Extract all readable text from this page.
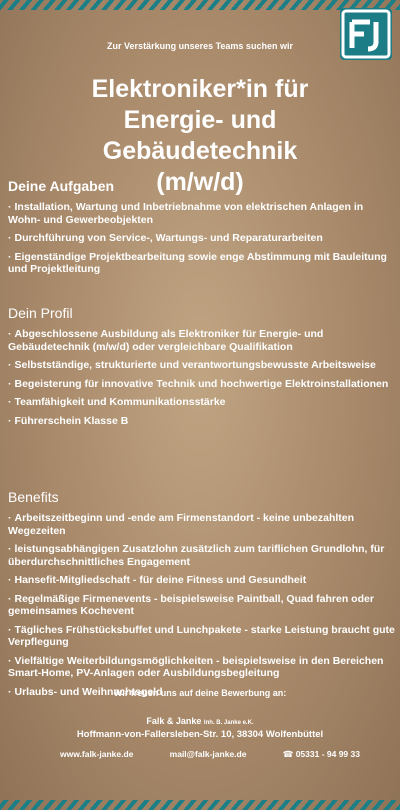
Zur Verstärkung unseres Teams suchen wir
Elektroniker*in für
Energie- und
Gebäudetechnik
(m/w/d)
Deine Aufgaben
· Installation, Wartung und Inbetriebnahme von elektrischen Anlagen in Wohn- und Gewerbeobjekten
· Durchführung von Service-, Wartungs- und Reparaturarbeiten
· Eigenständige Projektbearbeitung sowie enge Abstimmung mit Bauleitung und Projektleitung
Dein Profil
· Abgeschlossene Ausbildung als Elektroniker für Energie- und Gebäudetechnik (m/w/d) oder vergleichbare Qualifikation
· Selbstständige, strukturierte und verantwortungsbewusste Arbeitsweise
· Begeisterung für innovative Technik und hochwertige Elektroinstallationen
· Teamfähigkeit und Kommunikationsstärke
· Führerschein Klasse B
Benefits
· Arbeitszeitbeginn und -ende am Firmenstandort - keine unbezahlten Wegezeiten
· leistungsabhängigen Zusatzlohn zusätzlich zum tariflichen Grundlohn, für überdurchschnittliches Engagement
· Hansefit-Mitgliedschaft - für deine Fitness und Gesundheit
· Regelmäßige Firmenevents - beispielsweise Paintball, Quad fahren oder gemeinsames Kochevent
· Tägliches Frühstücksbuffet und Lunchpakete - starke Leistung braucht gute Verpflegung
· Vielfältige Weiterbildungsmöglichkeiten - beispielsweise in den Bereichen Smart-Home, PV-Anlagen oder Ausbildungsbegleitung
· Urlaubs- und Weihnachtsgeld
Wir freuen uns auf deine Bewerbung an:
Falk & Janke Inh. B. Janke e.K.
Hoffmann-von-Fallersleben-Str. 10, 38304 Wolfenbüttel
www.falk-janke.de	mail@falk-janke.de	☎ 05331 - 94 99 33
